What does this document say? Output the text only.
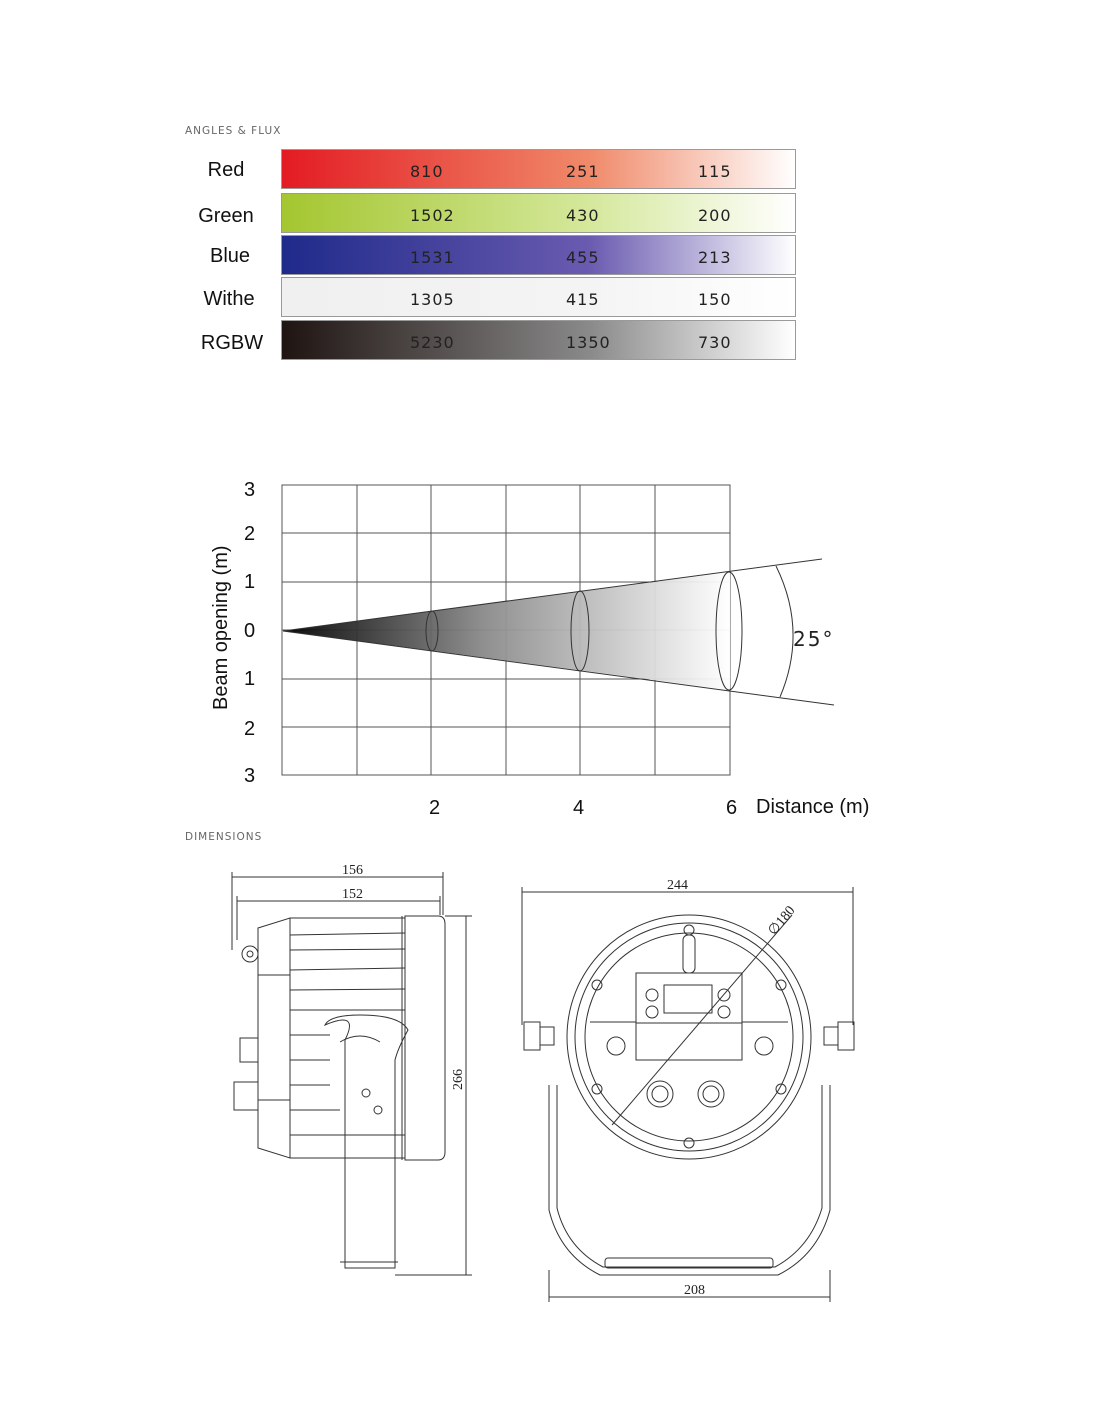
ANGLES & FLUX
DIMENSIONS
Red	810	251	115
Green	1502	430	200
Blue	1531	455	213
Withe	1305	415	150
RGBW	5230	1350	730
25°
3
2
1
0
1
2
3
Beam opening (m)
2	4	6 Distance (m)
156
152
266
244
∅180
208
